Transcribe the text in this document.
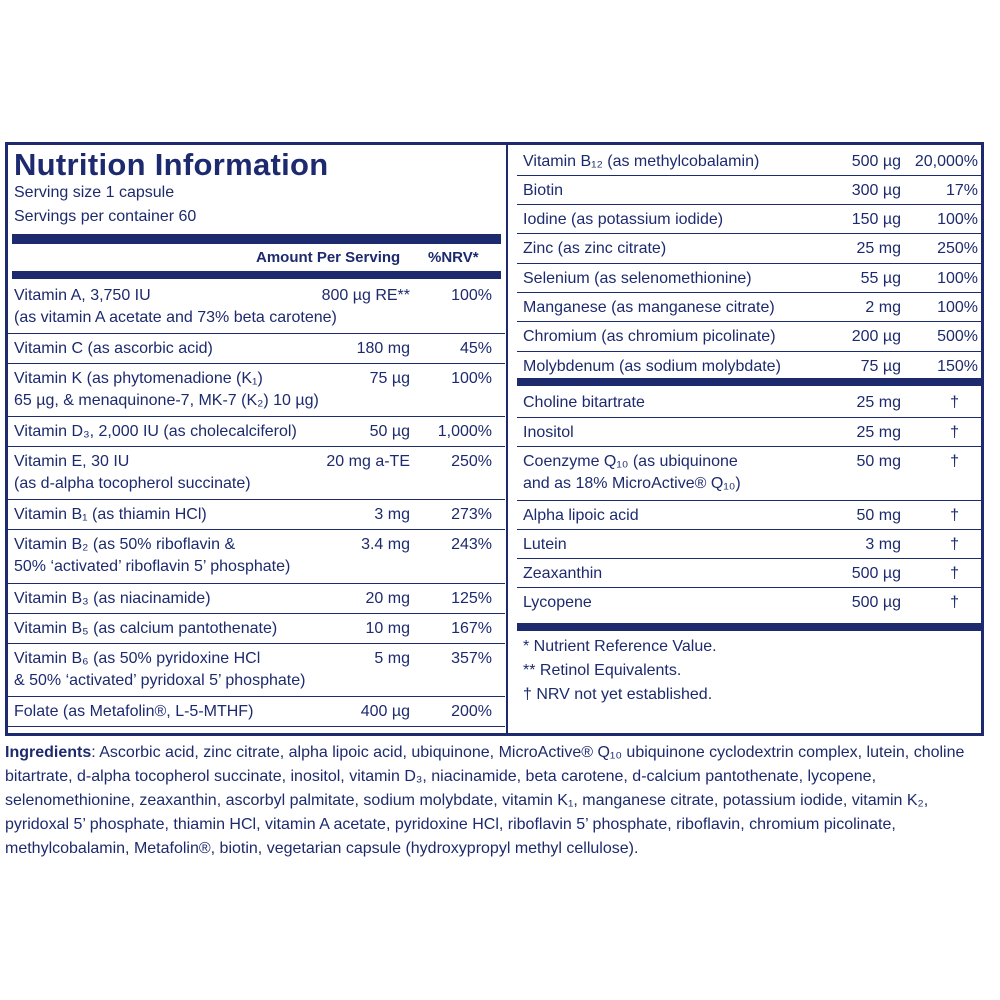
Nutrition Information
Serving size 1 capsule
Servings per container 60
Amount Per Serving %NRV*
Vitamin A, 3,750 IU
(as vitamin A acetate and 73% beta carotene)
800 µg RE**	100%
Vitamin C (as ascorbic acid)	180 mg	45%
Vitamin K (as phytomenadione (K₁)
65 µg, & menaquinone-7, MK-7 (K₂) 10 µg)
75 µg	100%
Vitamin D₃, 2,000 IU (as cholecalciferol)	50 µg 1,000%
Vitamin E, 30 IU
(as d-alpha tocopherol succinate)
20 mg a-TE	250%
Vitamin B₁ (as thiamin HCl)	3 mg	273%
Vitamin B₂ (as 50% riboflavin &
50% ‘activated’ riboflavin 5’ phosphate)
3.4 mg	243%
Vitamin B₃ (as niacinamide)	20 mg	125%
Vitamin B₅ (as calcium pantothenate)	10 mg	167%
Vitamin B₆ (as 50% pyridoxine HCl
& 50% ‘activated’ pyridoxal 5’ phosphate)
5 mg	357%
Folate (as Metafolin®, L-5-MTHF)	400 µg	200%
Vitamin B₁₂ (as methylcobalamin)	500 µg 20,000%
Biotin	300 µg	17%
Iodine (as potassium iodide)	150 µg 100%
Zinc (as zinc citrate)	25 mg 250%
Selenium (as selenomethionine)	55 µg 100%
Manganese (as manganese citrate)	2 mg 100%
Chromium (as chromium picolinate)	200 µg 500%
Molybdenum (as sodium molybdate)	75 µg 150%
Choline bitartrate	25 mg	†
Inositol	25 mg	†
Coenzyme Q₁₀ (as ubiquinone
and as 18% MicroActive® Q₁₀)
50 mg	†
Alpha lipoic acid	50 mg	†
Lutein	3 mg	†
Zeaxanthin	500 µg	†
Lycopene	500 µg	†
* Nutrient Reference Value.
** Retinol Equivalents.
† NRV not yet established.
Ingredients: Ascorbic acid, zinc citrate, alpha lipoic acid, ubiquinone, MicroActive® Q₁₀ ubiquinone cyclodextrin complex, lutein, choline bitartrate, d-alpha tocopherol succinate, inositol, vitamin D₃, niacinamide, beta carotene, d-calcium pantothenate, lycopene, selenomethionine, zeaxanthin, ascorbyl palmitate, sodium molybdate, vitamin K₁, manganese citrate, potassium iodide, vitamin K₂, pyridoxal 5’ phosphate, thiamin HCl, vitamin A acetate, pyridoxine HCl, riboflavin 5’ phosphate, riboflavin, chromium picolinate, methylcobalamin, Metafolin®, biotin, vegetarian capsule (hydroxypropyl methyl cellulose).
